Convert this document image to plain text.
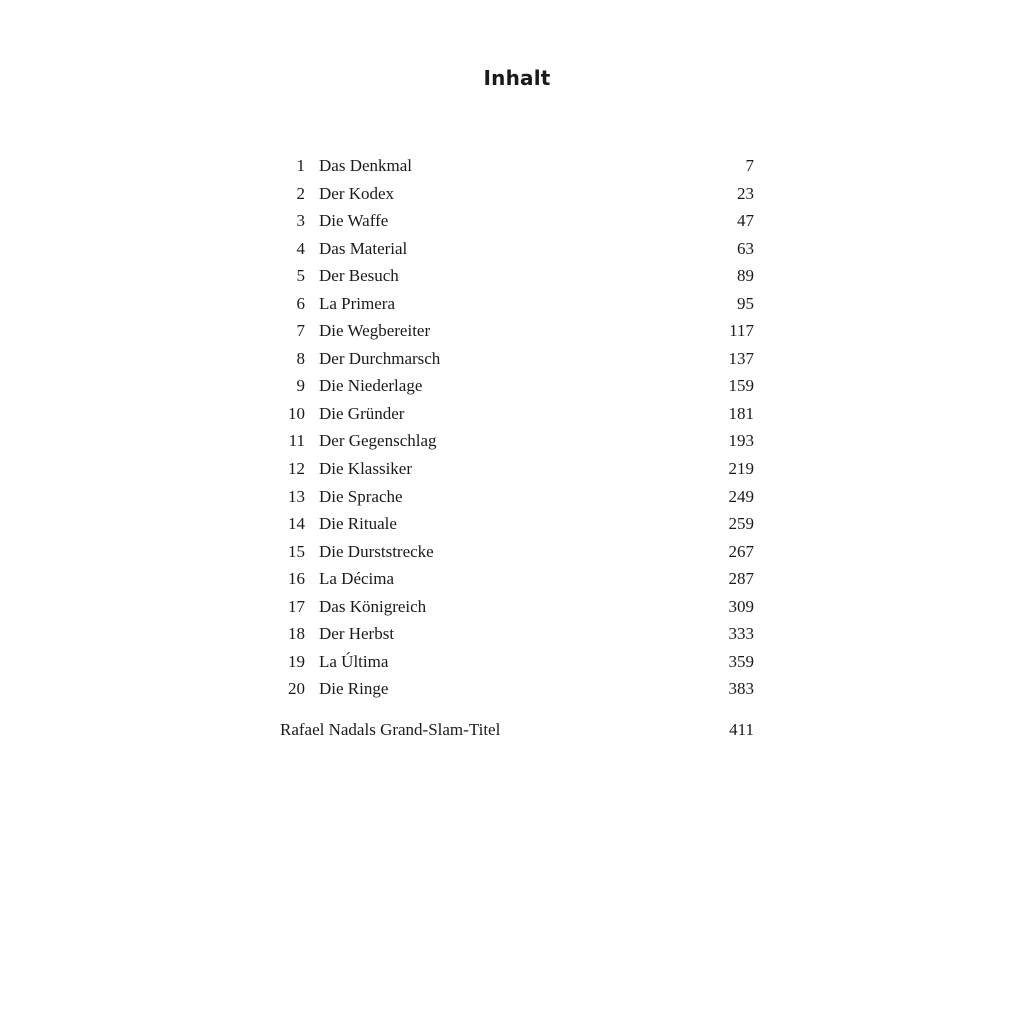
Inhalt
1 Das Denkmal	7
2 Der Kodex	23
3 Die Waffe	47
4 Das Material	63
5 Der Besuch	89
6 La Primera	95
7 Die Wegbereiter	117
8 Der Durchmarsch	137
9 Die Niederlage	159
10 Die Gründer	181
11 Der Gegenschlag	193
12 Die Klassiker	219
13 Die Sprache	249
14 Die Rituale	259
15 Die Durststrecke	267
16 La Décima	287
17 Das Königreich	309
18 Der Herbst	333
19 La Última	359
20 Die Ringe	383
Rafael Nadals Grand-Slam-Titel	411
